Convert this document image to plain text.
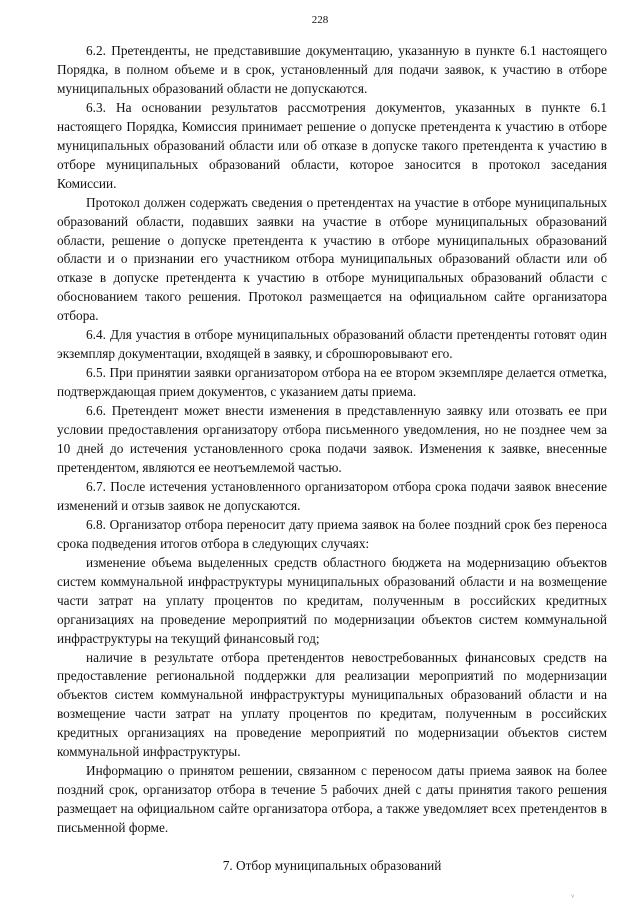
228

6.2. Претенденты, не представившие документацию, указанную в пункте 6.1 настоящего Порядка, в полном объеме и в срок, установленный для подачи заявок, к участию в отборе муниципальных образований области не допускаются.

6.3. На основании результатов рассмотрения документов, указанных в пункте 6.1 настоящего Порядка, Комиссия принимает решение о допуске претендента к участию в отборе муниципальных образований области или об отказе в допуске такого претендента к участию в отборе муниципальных образований области, которое заносится в протокол заседания Комиссии.

Протокол должен содержать сведения о претендентах на участие в отборе муниципальных образований области, подавших заявки на участие в отборе муниципальных образований области, решение о допуске претендента к участию в отборе муниципальных образований области и о признании его участником отбора муниципальных образований области или об отказе в допуске претендента к участию в отборе муниципальных образований области с обоснованием такого решения. Протокол размещается на официальном сайте организатора отбора.

6.4. Для участия в отборе муниципальных образований области претенденты готовят один экземпляр документации, входящей в заявку, и сброшюровывают его.

6.5. При принятии заявки организатором отбора на ее втором экземпляре делается отметка, подтверждающая прием документов, с указанием даты приема.

6.6. Претендент может внести изменения в представленную заявку или отозвать ее при условии предоставления организатору отбора письменного уведомления, но не позднее чем за 10 дней до истечения установленного срока подачи заявок. Изменения к заявке, внесенные претендентом, являются ее неотъемлемой частью.

6.7. После истечения установленного организатором отбора срока подачи заявок внесение изменений и отзыв заявок не допускаются.

6.8. Организатор отбора переносит дату приема заявок на более поздний срок без переноса срока подведения итогов отбора в следующих случаях:

изменение объема выделенных средств областного бюджета на модернизацию объектов систем коммунальной инфраструктуры муниципальных образований области и на возмещение части затрат на уплату процентов по кредитам, полученным в российских кредитных организациях на проведение мероприятий по модернизации объектов систем коммунальной инфраструктуры на текущий финансовый год;

наличие в результате отбора претендентов невостребованных финансовых средств на предоставление региональной поддержки для реализации мероприятий по модернизации объектов систем коммунальной инфраструктуры муниципальных образований области и на возмещение части затрат на уплату процентов по кредитам, полученным в российских кредитных организациях на проведение мероприятий по модернизации объектов систем коммунальной инфраструктуры.

Информацию о принятом решении, связанном с переносом даты приема заявок на более поздний срок, организатор отбора в течение 5 рабочих дней с даты принятия такого решения размещает на официальном сайте организатора отбора, а также уведомляет всех претендентов в письменной форме.

7. Отбор муниципальных образований
˅
